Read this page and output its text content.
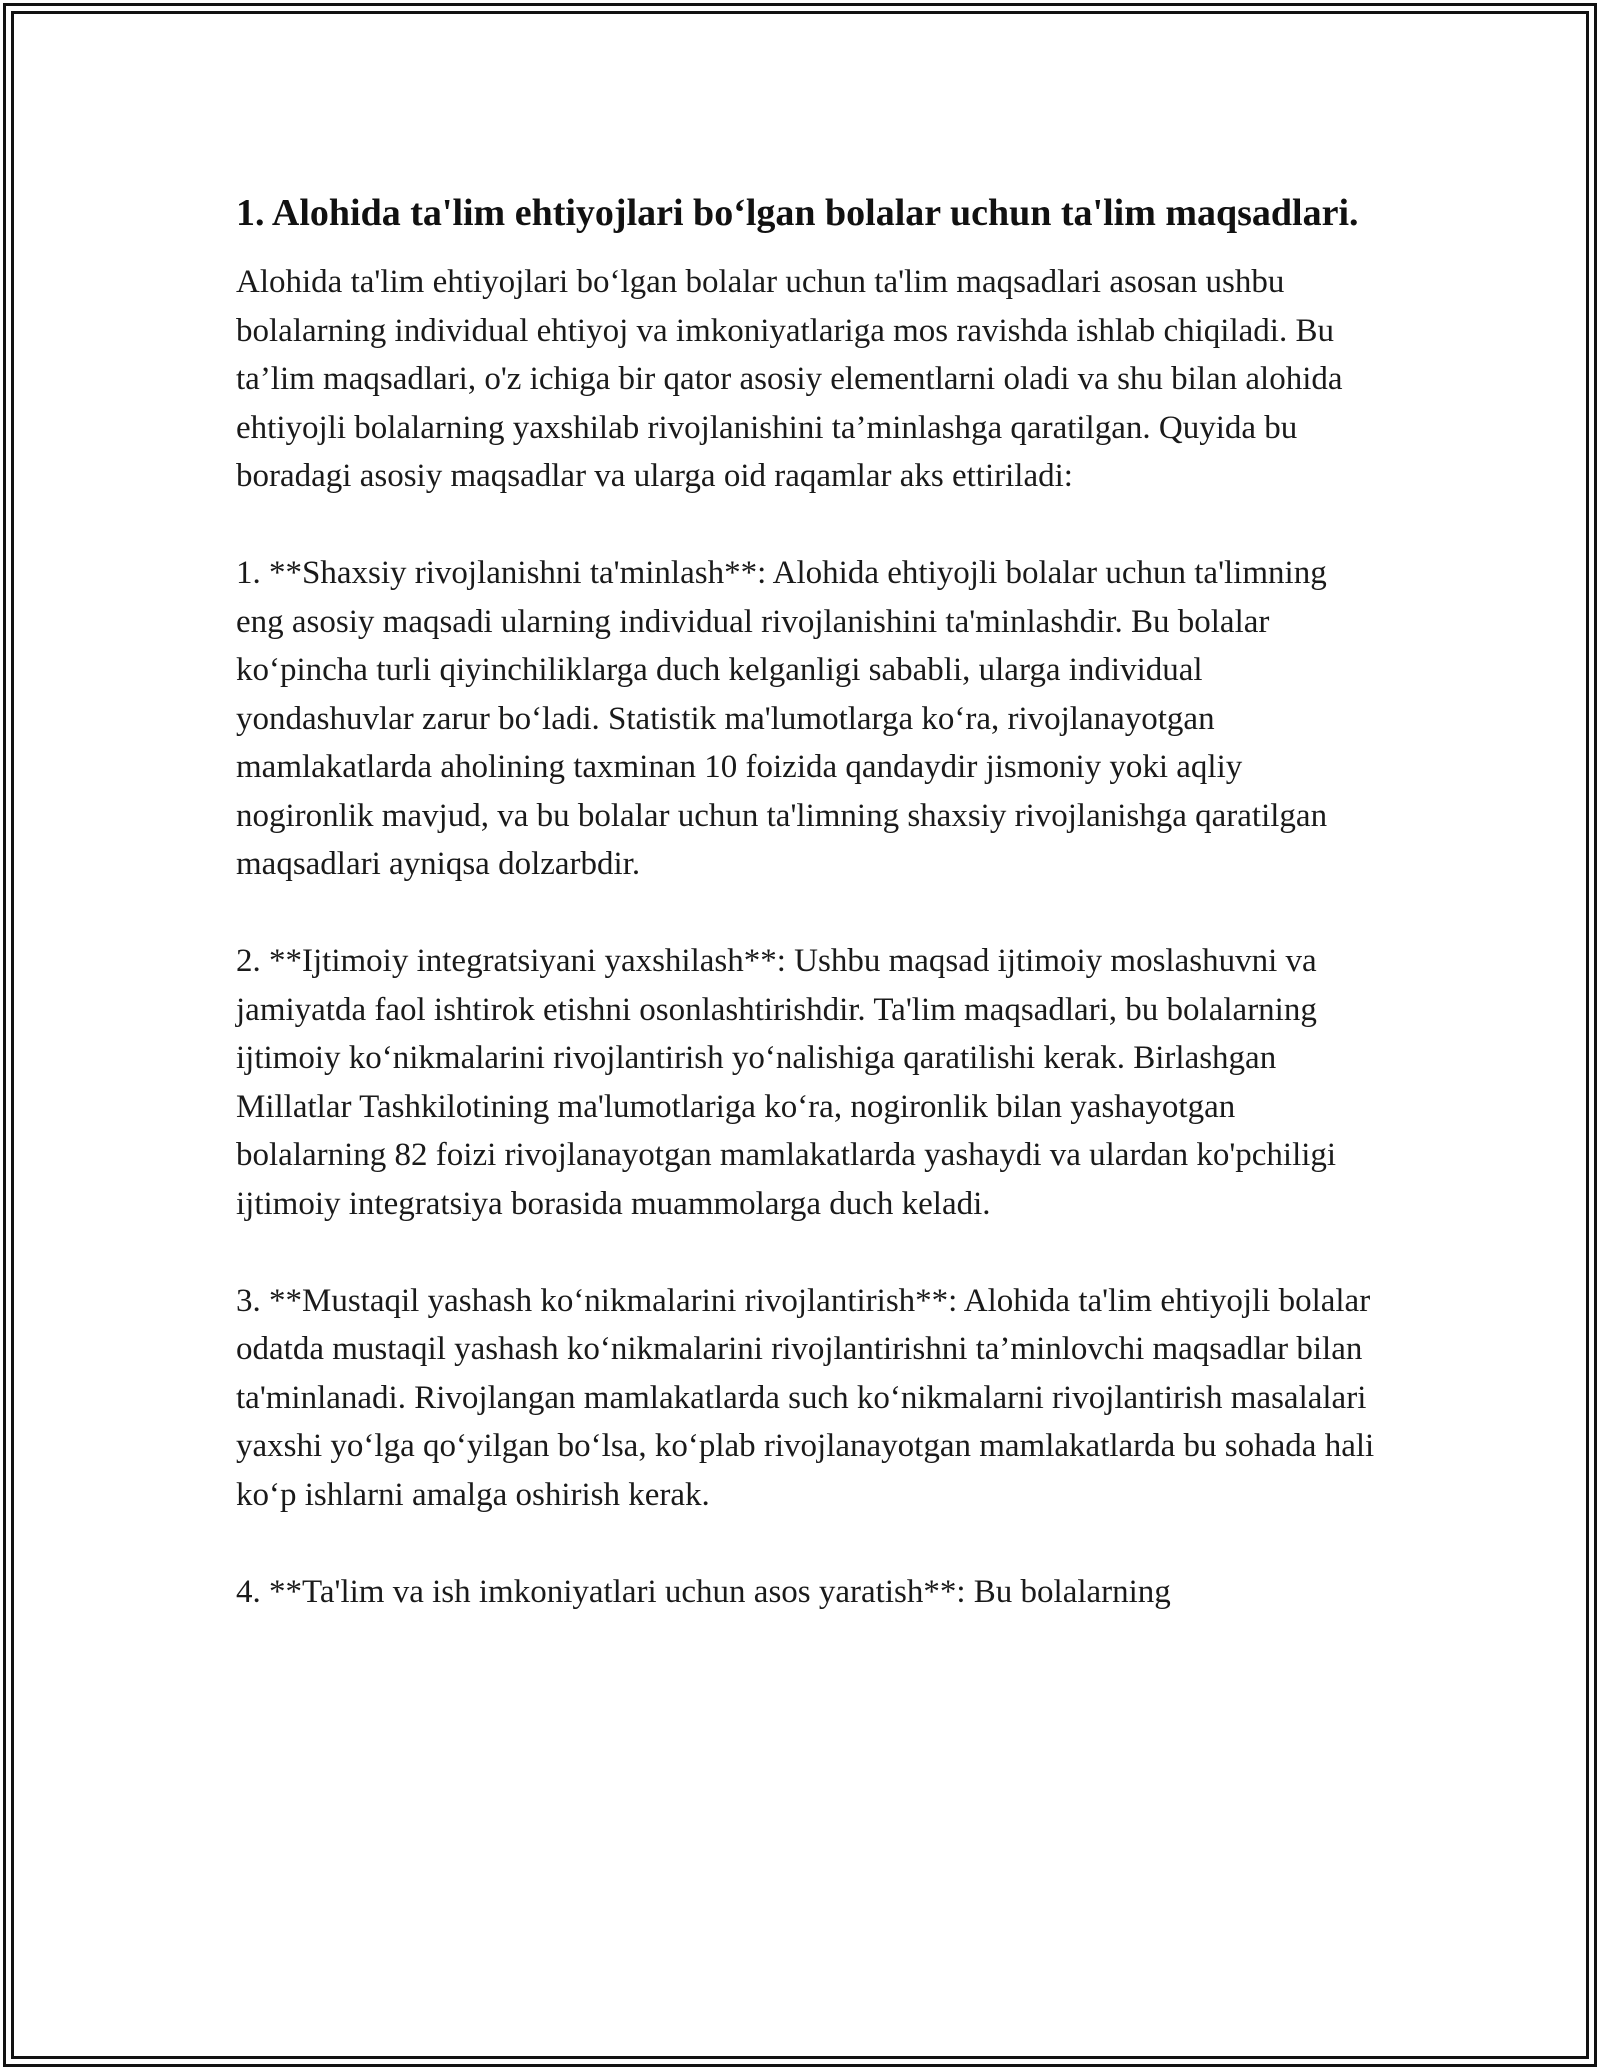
1. Alohida ta'lim ehtiyojlari bo‘lgan bolalar uchun ta'lim maqsadlari.

Alohida ta'lim ehtiyojlari bo‘lgan bolalar uchun ta'lim maqsadlari asosan ushbu bolalarning individual ehtiyoj va imkoniyatlariga mos ravishda ishlab chiqiladi. Bu ta’lim maqsadlari, o'z ichiga bir qator asosiy elementlarni oladi va shu bilan alohida ehtiyojli bolalarning yaxshilab rivojlanishini ta’minlashga qaratilgan. Quyida bu boradagi asosiy maqsadlar va ularga oid raqamlar aks ettiriladi:

1. **Shaxsiy rivojlanishni ta'minlash**: Alohida ehtiyojli bolalar uchun ta'limning eng asosiy maqsadi ularning individual rivojlanishini ta'minlashdir. Bu bolalar ko‘pincha turli qiyinchiliklarga duch kelganligi sababli, ularga individual yondashuvlar zarur bo‘ladi. Statistik ma'lumotlarga ko‘ra, rivojlanayotgan mamlakatlarda aholining taxminan 10 foizida qandaydir jismoniy yoki aqliy nogironlik mavjud, va bu bolalar uchun ta'limning shaxsiy rivojlanishga qaratilgan maqsadlari ayniqsa dolzarbdir.

2. **Ijtimoiy integratsiyani yaxshilash**: Ushbu maqsad ijtimoiy moslashuvni va jamiyatda faol ishtirok etishni osonlashtirishdir. Ta'lim maqsadlari, bu bolalarning ijtimoiy ko‘nikmalarini rivojlantirish yo‘nalishiga qaratilishi kerak. Birlashgan Millatlar Tashkilotining ma'lumotlariga ko‘ra, nogironlik bilan yashayotgan bolalarning 82 foizi rivojlanayotgan mamlakatlarda yashaydi va ulardan ko'pchiligi ijtimoiy integratsiya borasida muammolarga duch keladi.

3. **Mustaqil yashash ko‘nikmalarini rivojlantirish**: Alohida ta'lim ehtiyojli bolalar odatda mustaqil yashash ko‘nikmalarini rivojlantirishni ta’minlovchi maqsadlar bilan ta'minlanadi. Rivojlangan mamlakatlarda such ko‘nikmalarni rivojlantirish masalalari yaxshi yo‘lga qo‘yilgan bo‘lsa, ko‘plab rivojlanayotgan mamlakatlarda bu sohada hali ko‘p ishlarni amalga oshirish kerak.

4. **Ta'lim va ish imkoniyatlari uchun asos yaratish**: Bu bolalarning
